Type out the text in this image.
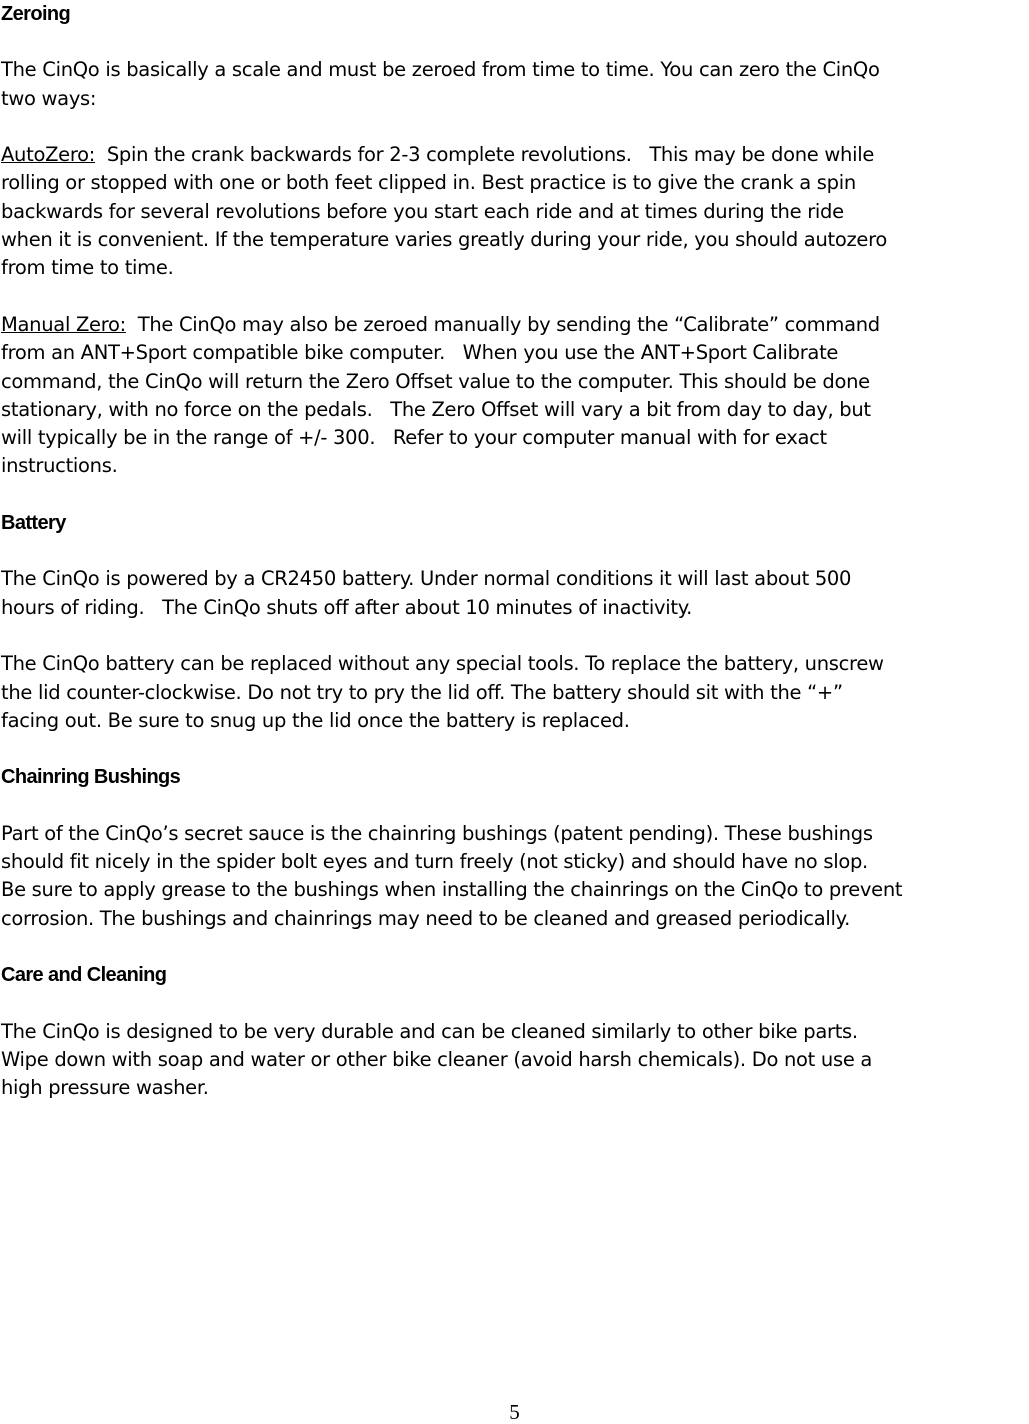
Zeroing

The CinQo is basically a scale and must be zeroed from time to time. You can zero the CinQo
two ways:

AutoZero:  Spin the crank backwards for 2-3 complete revolutions.   This may be done while
rolling or stopped with one or both feet clipped in. Best practice is to give the crank a spin
backwards for several revolutions before you start each ride and at times during the ride
when it is convenient. If the temperature varies greatly during your ride, you should autozero
from time to time.

Manual Zero:  The CinQo may also be zeroed manually by sending the “Calibrate” command
from an ANT+Sport compatible bike computer.   When you use the ANT+Sport Calibrate
command, the CinQo will return the Zero Offset value to the computer. This should be done
stationary, with no force on the pedals.   The Zero Offset will vary a bit from day to day, but
will typically be in the range of +/- 300.   Refer to your computer manual with for exact
instructions.

Battery

The CinQo is powered by a CR2450 battery. Under normal conditions it will last about 500
hours of riding.   The CinQo shuts off after about 10 minutes of inactivity.

The CinQo battery can be replaced without any special tools. To replace the battery, unscrew
the lid counter-clockwise. Do not try to pry the lid off. The battery should sit with the “+”
facing out. Be sure to snug up the lid once the battery is replaced.

Chainring Bushings

Part of the CinQo’s secret sauce is the chainring bushings (patent pending). These bushings
should fit nicely in the spider bolt eyes and turn freely (not sticky) and should have no slop.
Be sure to apply grease to the bushings when installing the chainrings on the CinQo to prevent
corrosion. The bushings and chainrings may need to be cleaned and greased periodically.

Care and Cleaning

The CinQo is designed to be very durable and can be cleaned similarly to other bike parts.
Wipe down with soap and water or other bike cleaner (avoid harsh chemicals). Do not use a
high pressure washer.

5
